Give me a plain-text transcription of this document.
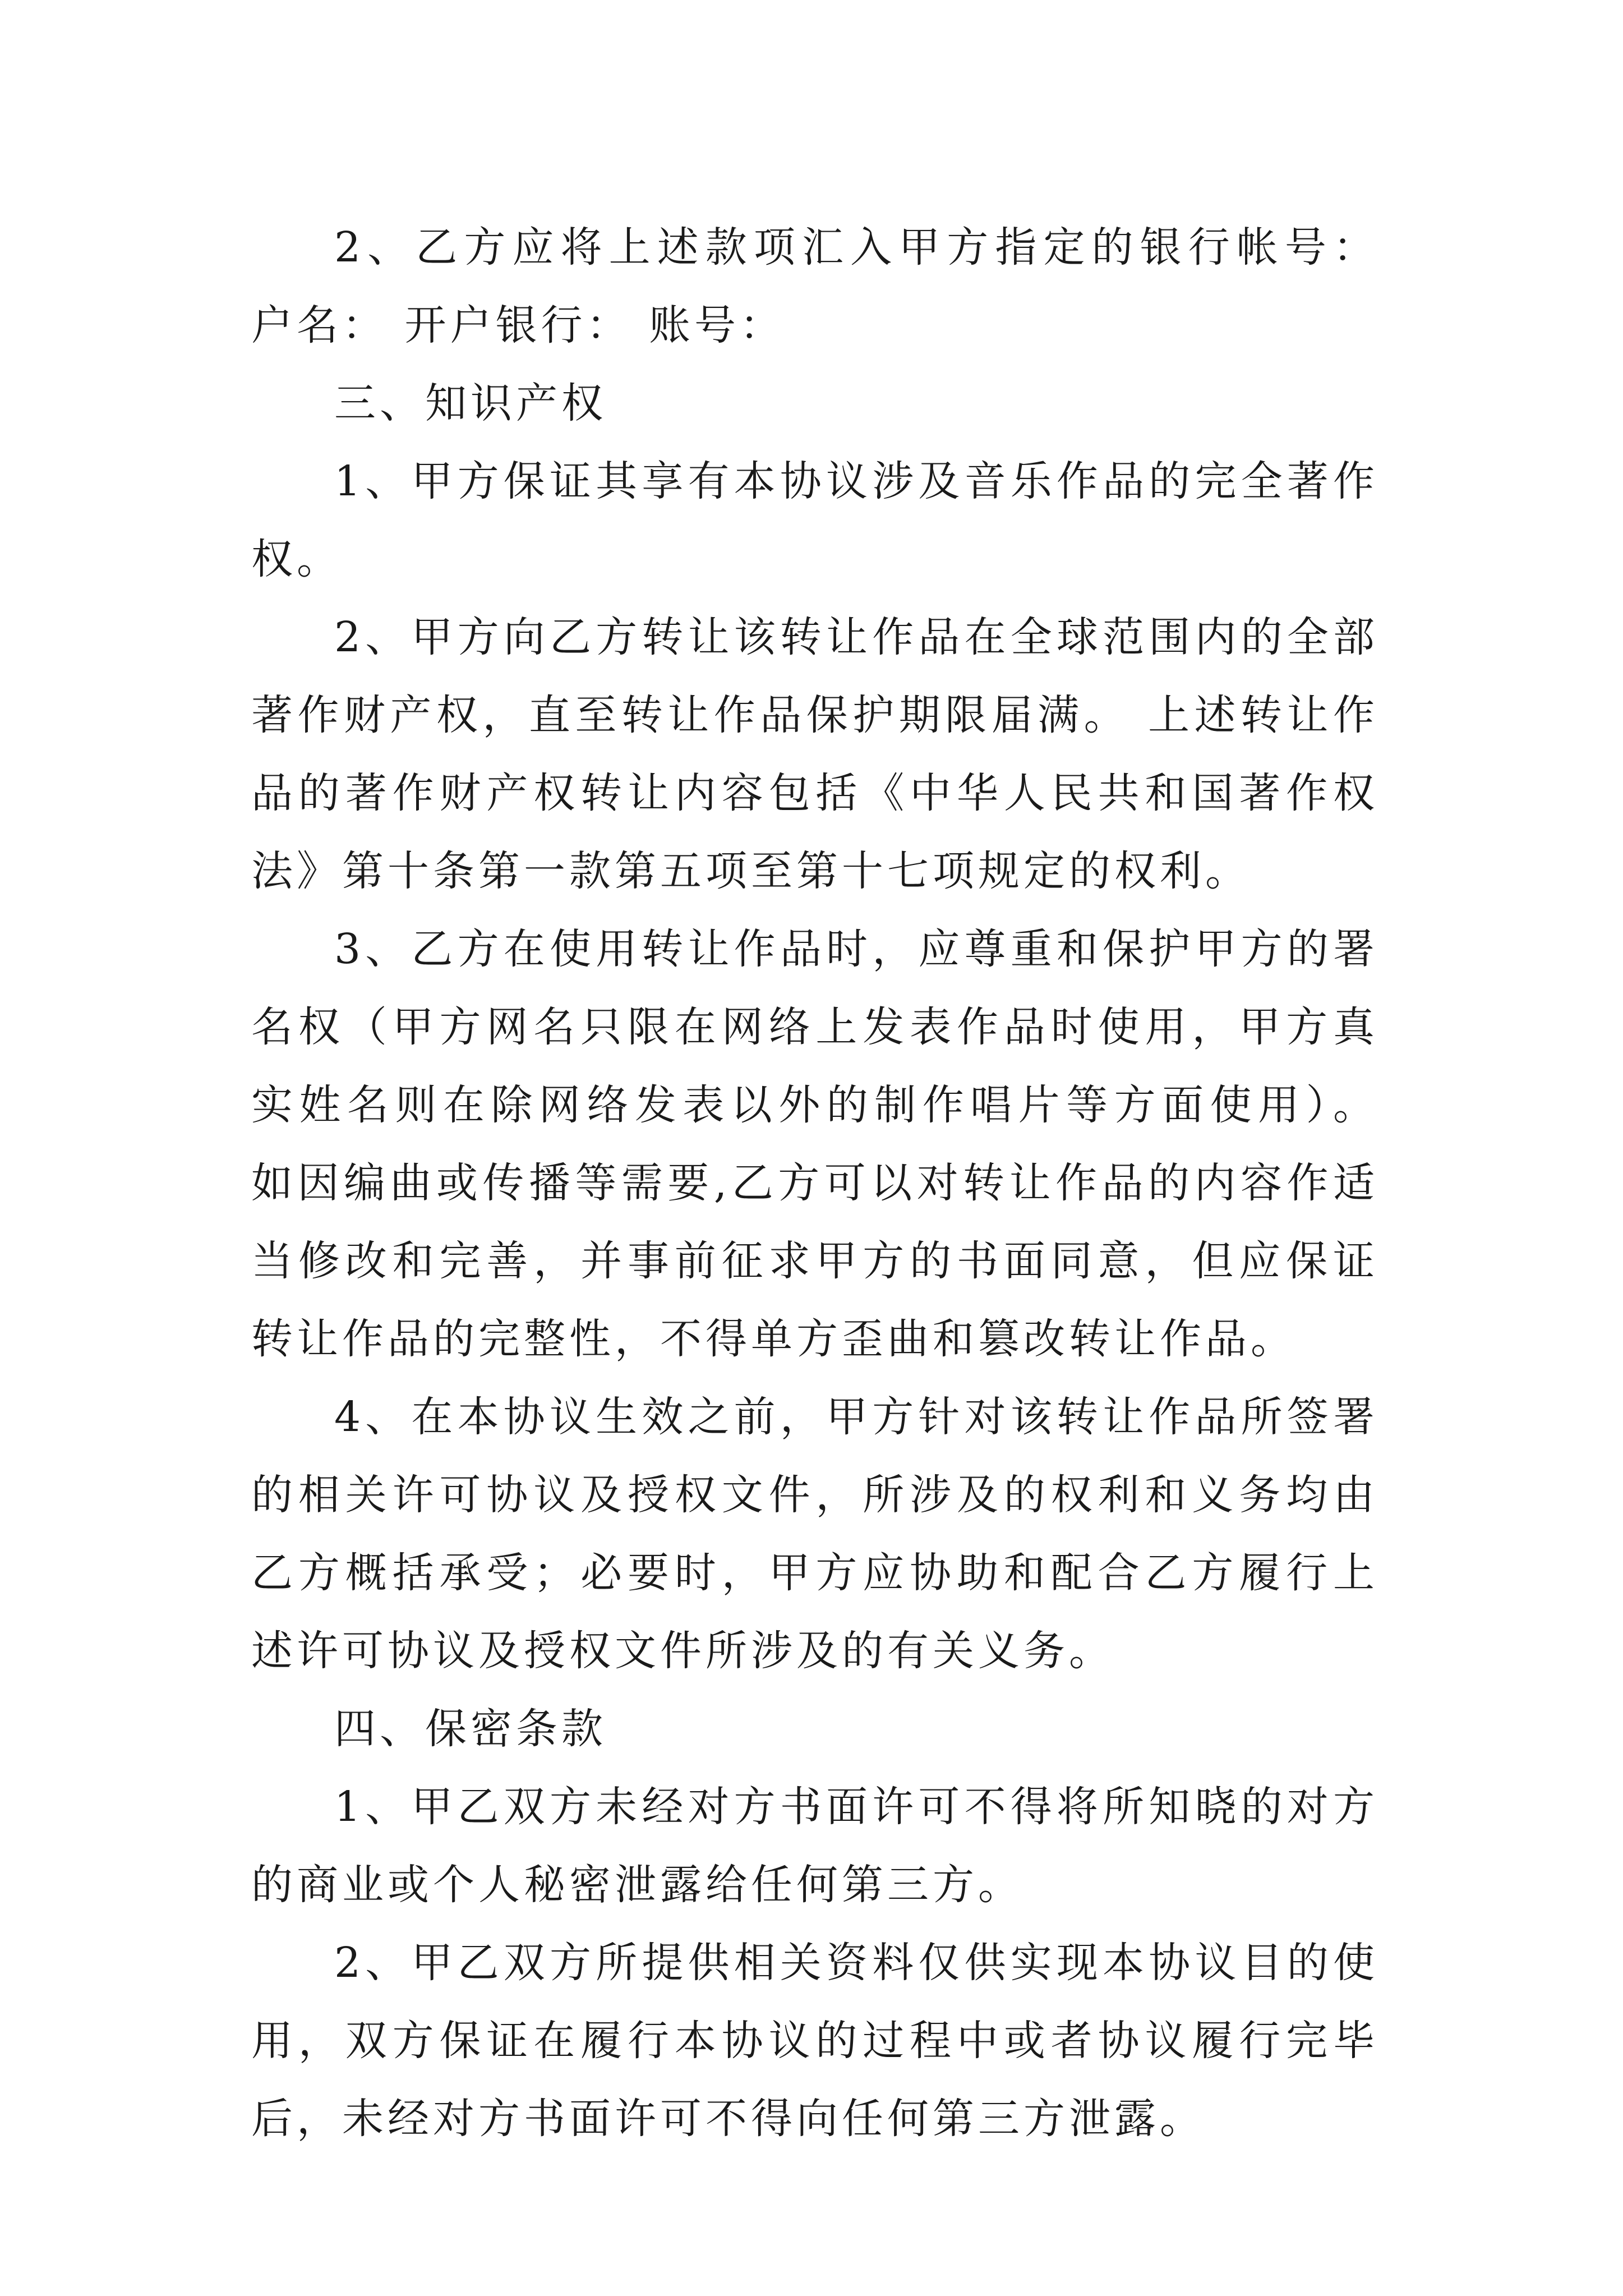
2、乙方应将上述款项汇入甲方指定的银行帐号： 户名： 开户银行： 账号：

三、知识产权

1、甲方保证其享有本协议涉及音乐作品的完全著作权。

2、甲方向乙方转让该转让作品在全球范围内的全部著作财产权，直至转让作品保护期限届满。 上述转让作品的著作财产权转让内容包括《中华人民共和国著作权法》第十条第一款第五项至第十七项规定的权利。

3、乙方在使用转让作品时，应尊重和保护甲方的署名权（甲方网名只限在网络上发表作品时使用，甲方真实姓名则在除网络发表以外的制作唱片等方面使用）。 如因编曲或传播等需要,乙方可以对转让作品的内容作适当修改和完善，并事前征求甲方的书面同意，但应保证转让作品的完整性，不得单方歪曲和篡改转让作品。

4、在本协议生效之前，甲方针对该转让作品所签署的相关许可协议及授权文件，所涉及的权利和义务均由乙方概括承受；必要时，甲方应协助和配合乙方履行上述许可协议及授权文件所涉及的有关义务。

四、保密条款

1、甲乙双方未经对方书面许可不得将所知晓的对方的商业或个人秘密泄露给任何第三方。

2、甲乙双方所提供相关资料仅供实现本协议目的使用，双方保证在履行本协议的过程中或者协议履行完毕后，未经对方书面许可不得向任何第三方泄露。
